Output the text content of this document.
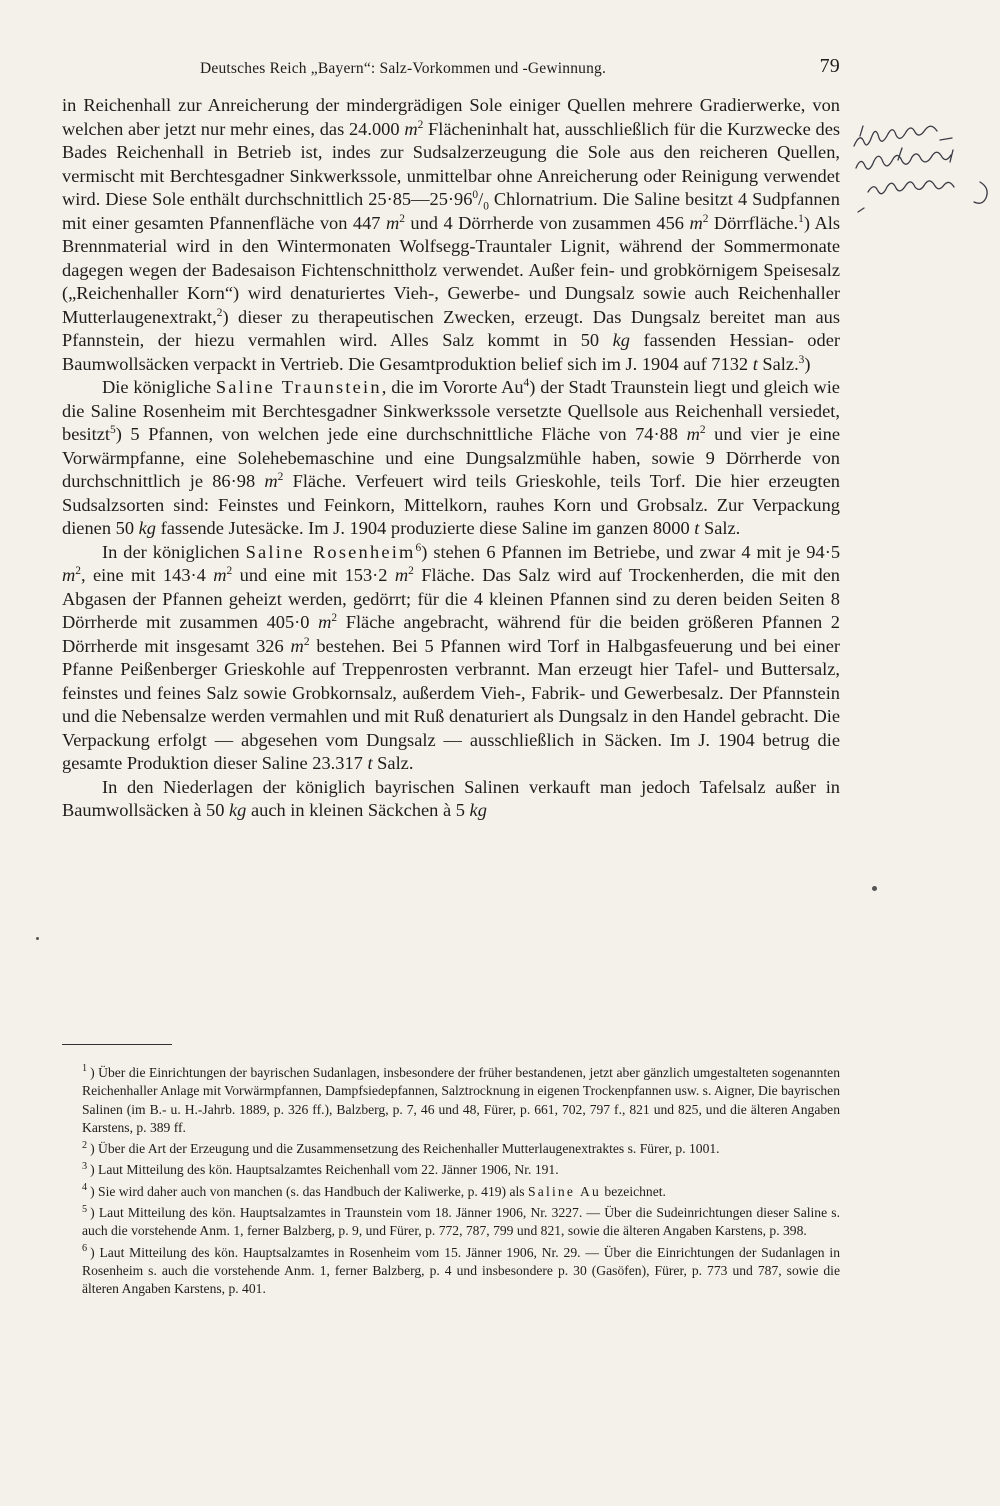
Deutsches Reich „Bayern“: Salz-Vorkommen und -Gewinnung.	79

in Reichenhall zur Anreicherung der mindergrädigen Sole einiger Quellen mehrere Gradierwerke, von welchen aber jetzt nur mehr eines, das 24.000 $m^2$ Flächeninhalt hat, ausschließlich für die Kurzwecke des Bades Reichenhall in Betrieb ist, indes zur Sudsalzerzeugung die Sole aus den reicheren Quellen, vermischt mit Berchtesgadner Sinkwerkssole, unmittelbar ohne Anreicherung oder Reinigung verwendet wird. Diese Sole enthält durchschnittlich $25\cdot 85—25\cdot 96^0/_0$ Chlornatrium. Die Saline besitzt 4 Sudpfannen mit einer gesamten Pfannenfläche von 447 $m^2$ und 4 Dörrherde von zusammen 456 $m^2$ Dörrfläche.$^1$) Als Brennmaterial wird in den Wintermonaten Wolfsegg-Trauntaler Lignit, während der Sommermonate dagegen wegen der Badesaison Fichtenschnittholz verwendet. Außer fein- und grobkörnigem Speisesalz („Reichenhaller Korn“) wird denaturiertes Vieh-, Gewerbe- und Dungsalz sowie auch Reichenhaller Mutterlaugenextrakt,$^2$) dieser zu therapeutischen Zwecken, erzeugt. Das Dungsalz bereitet man aus Pfannstein, der hiezu vermahlen wird. Alles Salz kommt in 50 kg fassenden Hessian- oder Baumwollsäcken verpackt in Vertrieb. Die Gesamtproduktion belief sich im J. 1904 auf 7132 t Salz.$^3$)

Die königliche Saline Traunstein, die im Vororte Au$^4$) der Stadt Traunstein liegt und gleich wie die Saline Rosenheim mit Berchtesgadner Sinkwerkssole versetzte Quellsole aus Reichenhall versiedet, besitzt$^5$) 5 Pfannen, von welchen jede eine durchschnittliche Fläche von 74·88 $m^2$ und vier je eine Vorwärmpfanne, eine Solehebemaschine und eine Dungsalzmühle haben, sowie 9 Dörrherde von durchschnittlich je 86·98 $m^2$ Fläche. Verfeuert wird teils Grieskohle, teils Torf. Die hier erzeugten Sudsalzsorten sind: Feinstes und Feinkorn, Mittelkorn, rauhes Korn und Grobsalz. Zur Verpackung dienen 50 kg fassende Jutesäcke. Im J. 1904 produzierte diese Saline im ganzen 8000 t Salz.

In der königlichen Saline Rosenheim$^6$) stehen 6 Pfannen im Betriebe, und zwar 4 mit je 94·5 $m^2$, eine mit 143·4 $m^2$ und eine mit 153·2 $m^2$ Fläche. Das Salz wird auf Trockenherden, die mit den Abgasen der Pfannen geheizt werden, gedörrt; für die 4 kleinen Pfannen sind zu deren beiden Seiten 8 Dörrherde mit zusammen 405·0 $m^2$ Fläche angebracht, während für die beiden größeren Pfannen 2 Dörrherde mit insgesamt 326 $m^2$ bestehen. Bei 5 Pfannen wird Torf in Halbgasfeuerung und bei einer Pfanne Peißenberger Grieskohle auf Treppenrosten verbrannt. Man erzeugt hier Tafel- und Buttersalz, feinstes und feines Salz sowie Grobkornsalz, außerdem Vieh-, Fabrik- und Gewerbesalz. Der Pfannstein und die Nebensalze werden vermahlen und mit Ruß denaturiert als Dungsalz in den Handel gebracht. Die Verpackung erfolgt — abgesehen vom Dungsalz — ausschließlich in Säcken. Im J. 1904 betrug die gesamte Produktion dieser Saline 23.317 t Salz.

In den Niederlagen der königlich bayrischen Salinen verkauft man jedoch Tafelsalz außer in Baumwollsäcken à 50 kg auch in kleinen Säckchen à 5 kg

$^1$ ) Über die Einrichtungen der bayrischen Sudanlagen, insbesondere der früher bestandenen, jetzt aber gänzlich umgestalteten sogenannten Reichenhaller Anlage mit Vorwärmpfannen, Dampfsiedepfannen, Salztrocknung in eigenen Trockenpfannen usw. s. Aigner, Die bayrischen Salinen (im B.- u. H.-Jahrb. 1889, p. 326 ff.), Balzberg, p. 7, 46 und 48, Fürer, p. 661, 702, 797 f., 821 und 825, und die älteren Angaben Karstens, p. 389 ff.

$^2$ ) Über die Art der Erzeugung und die Zusammensetzung des Reichenhaller Mutterlaugenextraktes s. Fürer, p. 1001.

$^3$ ) Laut Mitteilung des kön. Hauptsalzamtes Reichenhall vom 22. Jänner 1906, Nr. 191.

$^4$ ) Sie wird daher auch von manchen (s. das Handbuch der Kaliwerke, p. 419) als Saline Au bezeichnet.

$^5$ ) Laut Mitteilung des kön. Hauptsalzamtes in Traunstein vom 18. Jänner 1906, Nr. 3227. — Über die Sudeinrichtungen dieser Saline s. auch die vorstehende Anm. 1, ferner Balzberg, p. 9, und Fürer, p. 772, 787, 799 und 821, sowie die älteren Angaben Karstens, p. 398.

$^6$ ) Laut Mitteilung des kön. Hauptsalzamtes in Rosenheim vom 15. Jänner 1906, Nr. 29. — Über die Einrichtungen der Sudanlagen in Rosenheim s. auch die vorstehende Anm. 1, ferner Balzberg, p. 4 und insbesondere p. 30 (Gasöfen), Fürer, p. 773 und 787, sowie die älteren Angaben Karstens, p. 401.
